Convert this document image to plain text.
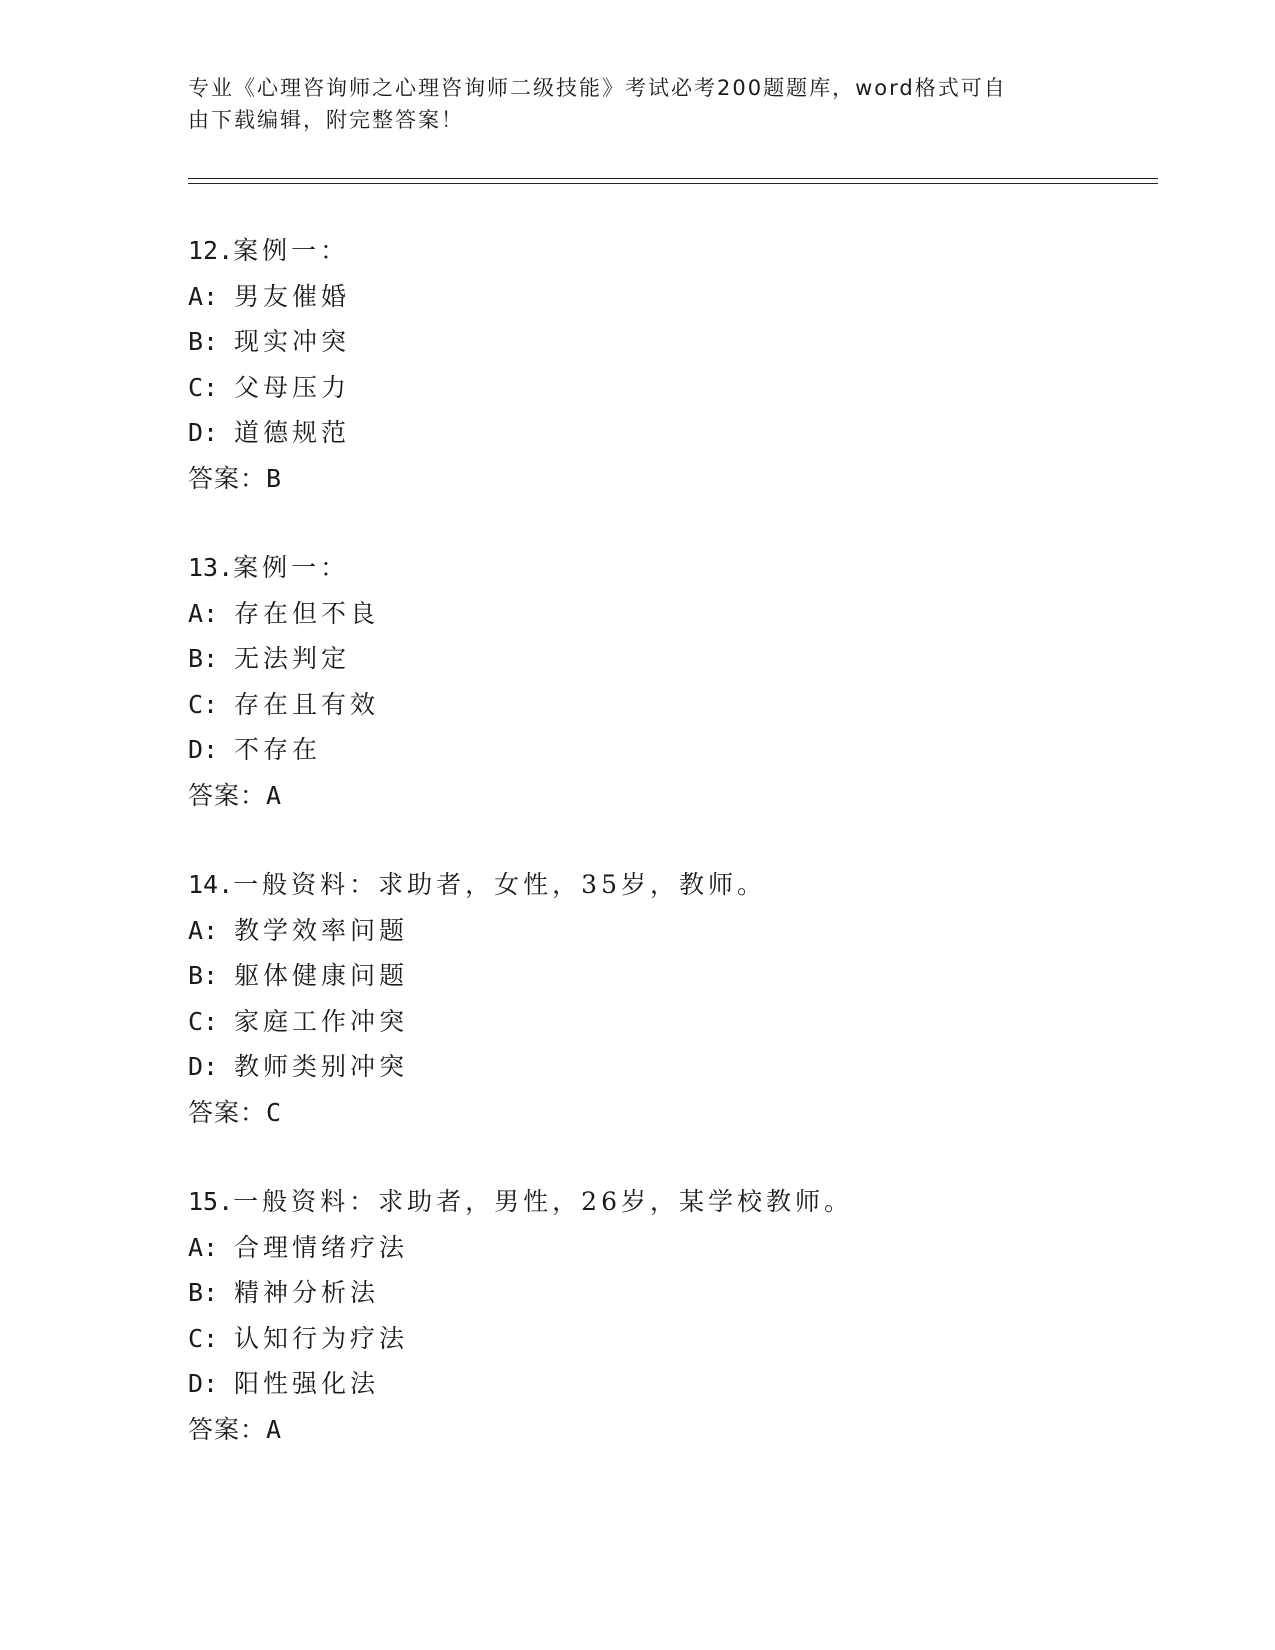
专业《心理咨询师之心理咨询师二级技能》考试必考200题题库，word格式可自
由下载编辑，附完整答案！
12.案例一：
A: 男友催婚
B: 现实冲突
C: 父母压力
D: 道德规范
答案：B
13.案例一：
A: 存在但不良
B: 无法判定
C: 存在且有效
D: 不存在
答案：A
14.一般资料：求助者，女性，35岁，教师。
A: 教学效率问题
B: 躯体健康问题
C: 家庭工作冲突
D: 教师类别冲突
答案：C
15.一般资料：求助者，男性，26岁，某学校教师。
A: 合理情绪疗法
B: 精神分析法
C: 认知行为疗法
D: 阳性强化法
答案：A
